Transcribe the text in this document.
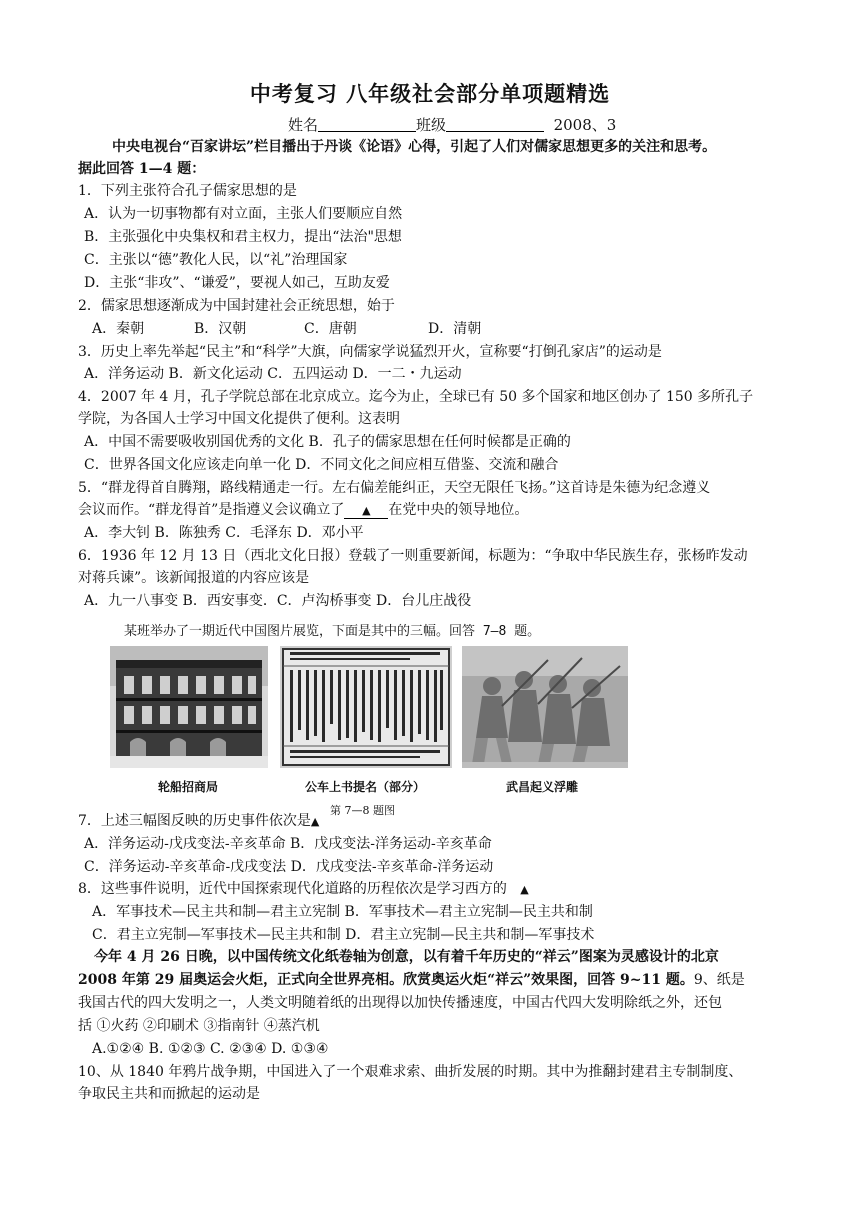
中考复习 八年级社会部分单项题精选
姓名	班级	2008、3
中央电视台“百家讲坛”栏目播出于丹谈《论语》心得，引起了人们对儒家思想更多的关注和思考。
据此回答 1—4 题：
1．下列主张符合孔子儒家思想的是
A．认为一切事物都有对立面，主张人们要顺应自然
B．主张强化中央集权和君主权力，提出“法治"思想
C．主张以“德”教化人民，以“礼”治理国家
D．主张“非攻”、“谦爱”，要视人如己，互助友爱
2．儒家思想逐渐成为中国封建社会正统思想，始于
A．秦朝	B．汉朝	C．唐朝	D．清朝
3．历史上率先举起“民主”和“科学”大旗，向儒家学说猛烈开火，宣称要“打倒孔家店”的运动是
A．洋务运动 B．新文化运动 C．五四运动 D．一二・九运动
4．2007 年 4 月，孔子学院总部在北京成立。迄今为止，全球已有 50 多个国家和地区创办了 150 多所孔子
学院，为各国人士学习中国文化提供了便利。这表明
A．中国不需要吸收别国优秀的文化 B．孔子的儒家思想在任何时候都是正确的
C．世界各国文化应该走向单一化 D．不同文化之间应相互借鉴、交流和融合
5．“群龙得首自腾翔，路线精通走一行。左右偏差能纠正，天空无限任飞扬。”这首诗是朱德为纪念遵义
会议而作。“群龙得首”是指遵义会议确立了 ▲ 在党中央的领导地位。
A．李大钊 B．陈独秀 C．毛泽东 D．邓小平
6．1936 年 12 月 13 日（西北文化日报）登载了一则重要新闻，标题为：“争取中华民族生存，张杨昨发动
对蒋兵谏”。该新闻报道的内容应该是
A．九一八事变 B．西安事变．C．卢沟桥事变 D．台儿庄战役
某班举办了一期近代中国图片展览，下面是其中的三幅。回答 7—8 题。
轮船招商局	公车上书提名（部分）	武昌起义浮雕
第 7—8 题图
7．上述三幅图反映的历史事件依次是▲
A．洋务运动-戊戌变法-辛亥革命 B．戊戌变法-洋务运动-辛亥革命
C．洋务运动-辛亥革命-戊戌变法 D．戊戌变法-辛亥革命-洋务运动
8．这些事件说明，近代中国探索现代化道路的历程依次是学习西方的 ▲
A．军事技术—民主共和制—君主立宪制 B．军事技术—君主立宪制—民主共和制
C．君主立宪制—军事技术—民主共和制 D．君主立宪制—民主共和制—军事技术
今年 4 月 26 日晚，以中国传统文化纸卷轴为创意，以有着千年历史的“祥云”图案为灵感设计的北京
2008 年第 29 届奥运会火炬，正式向全世界亮相。欣赏奥运火炬“祥云”效果图，回答 9~11 题。9、纸是
我国古代的四大发明之一，人类文明随着纸的出现得以加快传播速度，中国古代四大发明除纸之外，还包
括 ①火药 ②印刷术 ③指南针 ④蒸汽机
A.①②④ B. ①②③ C. ②③④ D. ①③④
10、从 1840 年鸦片战争期，中国进入了一个艰难求索、曲折发展的时期。其中为推翻封建君主专制制度、
争取民主共和而掀起的运动是
